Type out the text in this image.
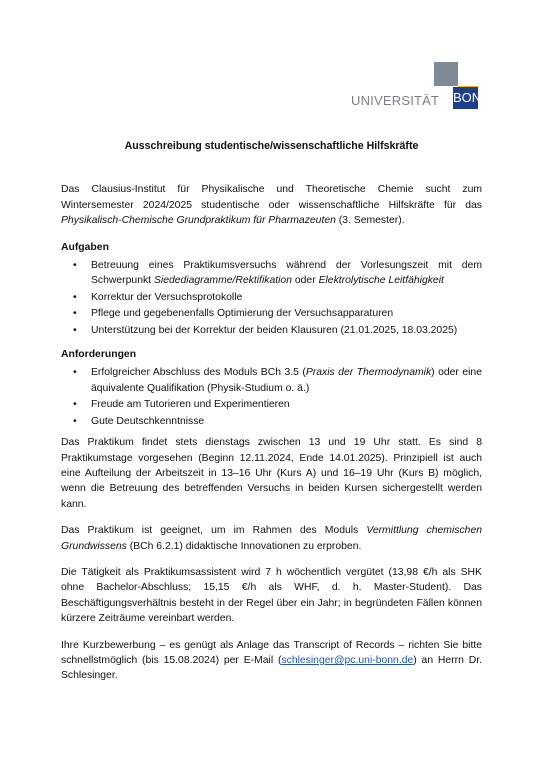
UNIVERSITÄT BONN
Ausschreibung studentische/wissenschaftliche Hilfskräfte
Das Clausius-Institut für Physikalische und Theoretische Chemie sucht zum Wintersemester 2024/2025 studentische oder wissenschaftliche Hilfskräfte für das Physikalisch-Chemische Grundpraktikum für Pharmazeuten (3. Semester).
Aufgaben
• Betreuung eines Praktikumsversuchs während der Vorlesungszeit mit dem Schwerpunkt Siedediagramme/Rektifikation oder Elektrolytische Leitfähigkeit
• Korrektur der Versuchsprotokolle
• Pflege und gegebenenfalls Optimierung der Versuchsapparaturen
• Unterstützung bei der Korrektur der beiden Klausuren (21.01.2025, 18.03.2025)
Anforderungen
• Erfolgreicher Abschluss des Moduls BCh 3.5 (Praxis der Thermodynamik) oder eine äquivalente Qualifikation (Physik-Studium o. ä.)
• Freude am Tutorieren und Experimentieren
• Gute Deutschkenntnisse
Das Praktikum findet stets dienstags zwischen 13 und 19 Uhr statt. Es sind 8 Praktikumstage vorgesehen (Beginn 12.11.2024, Ende 14.01.2025). Prinzipiell ist auch eine Aufteilung der Arbeitszeit in 13–16 Uhr (Kurs A) und 16–19 Uhr (Kurs B) möglich, wenn die Betreuung des betreffenden Versuchs in beiden Kursen sichergestellt werden kann.
Das Praktikum ist geeignet, um im Rahmen des Moduls Vermittlung chemischen Grundwissens (BCh 6.2.1) didaktische Innovationen zu erproben.
Die Tätigkeit als Praktikumsassistent wird 7 h wöchentlich vergütet (13,98 €/h als SHK ohne Bachelor-Abschluss; 15,15 €/h als WHF, d. h. Master-Student). Das Beschäftigungsverhältnis besteht in der Regel über ein Jahr; in begründeten Fällen können kürzere Zeiträume vereinbart werden.
Ihre Kurzbewerbung – es genügt als Anlage das Transcript of Records – richten Sie bitte schnellstmöglich (bis 15.08.2024) per E-Mail (schlesinger@pc.uni-bonn.de) an Herrn Dr. Schlesinger.
